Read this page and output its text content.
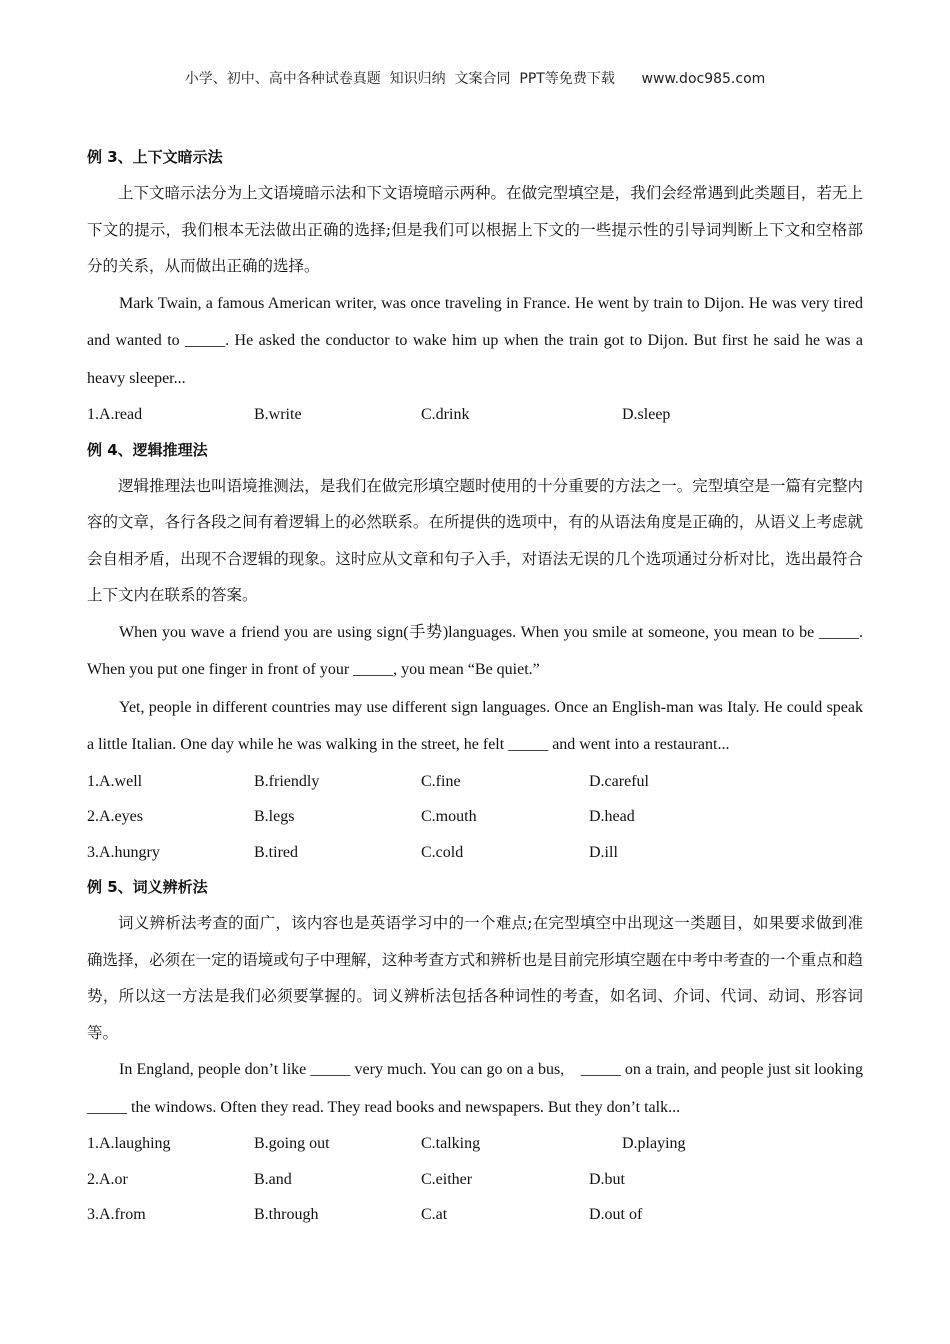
小学、初中、高中各种试卷真题  知识归纳  文案合同  PPT等免费下载      www.doc985.com
例 3、上下文暗示法

上下文暗示法分为上文语境暗示法和下文语境暗示两种。在做完型填空是，我们会经常遇到此类题目，若无上下文的提示，我们根本无法做出正确的选择;但是我们可以根据上下文的一些提示性的引导词判断上下文和空格部分的关系，从而做出正确的选择。

Mark Twain, a famous American writer, was once traveling in France. He went by train to Dijon. He was very tired and wanted to _____. He asked the conductor to wake him up when the train got to Dijon. But first he said he was a heavy sleeper...

1.A.read	B.write	C.drink	D.sleep
例 4、逻辑推理法

逻辑推理法也叫语境推测法，是我们在做完形填空题时使用的十分重要的方法之一。完型填空是一篇有完整内容的文章，各行各段之间有着逻辑上的必然联系。在所提供的选项中，有的从语法角度是正确的，从语义上考虑就会自相矛盾，出现不合逻辑的现象。这时应从文章和句子入手，对语法无误的几个选项通过分析对比，选出最符合上下文内在联系的答案。

When you wave a friend you are using sign(手势)languages. When you smile at someone, you mean to be _____. When you put one finger in front of your _____, you mean “Be quiet.”

Yet, people in different countries may use different sign languages. Once an English-man was Italy. He could speak a little Italian. One day while he was walking in the street, he felt _____ and went into a restaurant...

1.A.well	B.friendly	C.fine	D.careful
2.A.eyes	B.legs	C.mouth	D.head
3.A.hungry	B.tired	C.cold	D.ill
例 5、词义辨析法

词义辨析法考查的面广，该内容也是英语学习中的一个难点;在完型填空中出现这一类题目，如果要求做到准确选择，必须在一定的语境或句子中理解，这种考查方式和辨析也是目前完形填空题在中考中考查的一个重点和趋势，所以这一方法是我们必须要掌握的。词义辨析法包括各种词性的考查，如名词、介词、代词、动词、形容词等。

In England, people don’t like _____ very much. You can go on a bus,    _____ on a train, and people just sit looking _____ the windows. Often they read. They read books and newspapers. But they don’t talk...

1.A.laughing	B.going out	C.talking	D.playing
2.A.or	B.and	C.either	D.but
3.A.from	B.through	C.at	D.out of
